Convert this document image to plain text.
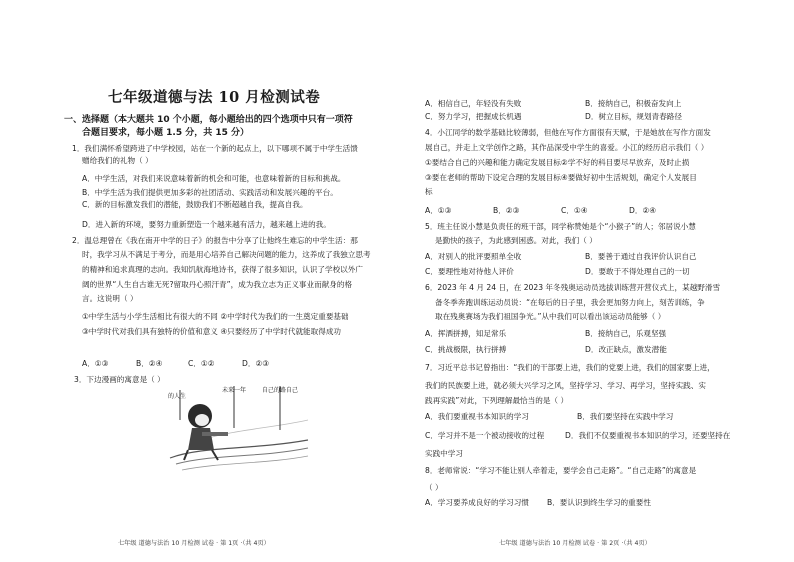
七年级道德与法 10 月检测试卷
一、选择题（本大题共 10 个小题，每小题给出的四个选项中只有一项符
合题目要求，每小题 1.5 分，共 15 分）
1．我们满怀希望跨进了中学校园，站在一个新的起点上，以下哪项不属于中学生活馈
赠给我们的礼物（ ）
A．中学生活，对我们来说意味着新的机会和可能，也意味着新的目标和挑战。
B．中学生活为我们提供更加多彩的社团活动、实践活动和发展兴趣的平台。
C．新的目标激发我们的潜能，鼓励我们不断超越自我，提高自我。
D．进入新的环境，要努力重新塑造一个越来越有活力，越来越上进的我。
2．温总理曾在《我在南开中学的日子》的报告中分享了让他终生难忘的中学生活：那
时，我学习从不满足于考分，而是用心培养自己解决问题的能力，这养成了我独立思考
的精神和追求真理的志向。我知饥航海地诗书，获得了很多知识，认识了学校以外广
阔的世界“人生自古谁无死?留取丹心照汗青”，成为我立志为正义事业而献身的格
言。这说明（ ）
①中学生活与小学生活相比有很大的不同 ②中学时代为我们的一生奠定重要基础
③中学时代对我们具有独特的价值和意义 ④只要经历了中学时代就能取得成功
A．①③	B．②④	C．①②	D．②③
3．下边漫画的寓意是（ ）
的人生
未来一年	自己的路自己
七年级 道德与法治 10 月检测 试卷 · 第 1页 ·（共 4页）
A．相信自己，年轻没有失败	B．接纳自己，积极奋发向上
C．努力学习，把握成长机遇	D．树立目标，规划青春路径
4．小江同学的数学基础比较薄弱，但他在写作方面很有天赋，于是她放在写作方面发
展自己，并走上文学创作之路，其作品深受中学生的喜爱。小江的经历启示我们（ ）
①要结合自己的兴趣和能力确定发展目标②学不好的科目要尽早放弃，及时止损
③要在老师的帮助下设定合理的发展目标④要做好初中生活规划，确定个人发展目
标
A．①③	B．②③	C．①④	D．②④
5．班主任说小慧是负责任的班干部，同学称赞她是个“小猴子”的人；邻居说小慧
是勤快的孩子，为此感到困惑。对此，我们（ ）
A．对别人的批评要照单全收	B．要善于通过自我评价认识自己
C．要理性地对待他人评价	D．要敢于不得处理自己的一切
6．2023 年 4 月 24 日，在 2023 年冬残奥运动员选拔训练营开营仪式上，某越野滑雪
备冬季奔跑训练运动员说：“在每后的日子里，我会更加努力向上，刻苦训练，争
取在残奥赛场为我们祖国争光。”从中我们可以看出该运动员能够（ ）
A．挥洒拼搏，知足常乐	B．接纳自己，乐观坚强
C．挑战极限，执行拼搏	D．改正缺点，激发潜能
7．习近平总书记曾指出：“我们的干部要上进，我们的党要上进，我们的国家要上进，
我们的民族要上进，就必须大兴学习之风，坚持学习、学习、再学习，坚持实践、实
践再实践”对此，下列理解最恰当的是（ ）
A．我们要重视书本知识的学习	B．我们要坚持在实践中学习
C．学习并不是一个被动接收的过程	D．我们不仅要重视书本知识的学习，还要坚持在
实践中学习
8．老师常说：“学习不能让别人牵着走，要学会自己走路”。“自己走路”的寓意是
（ ）
A．学习要养成良好的学习习惯 B．要认识到终生学习的重要性
七年级 道德与法治 10 月检测 试卷 · 第 2页 ·（共 4页）
